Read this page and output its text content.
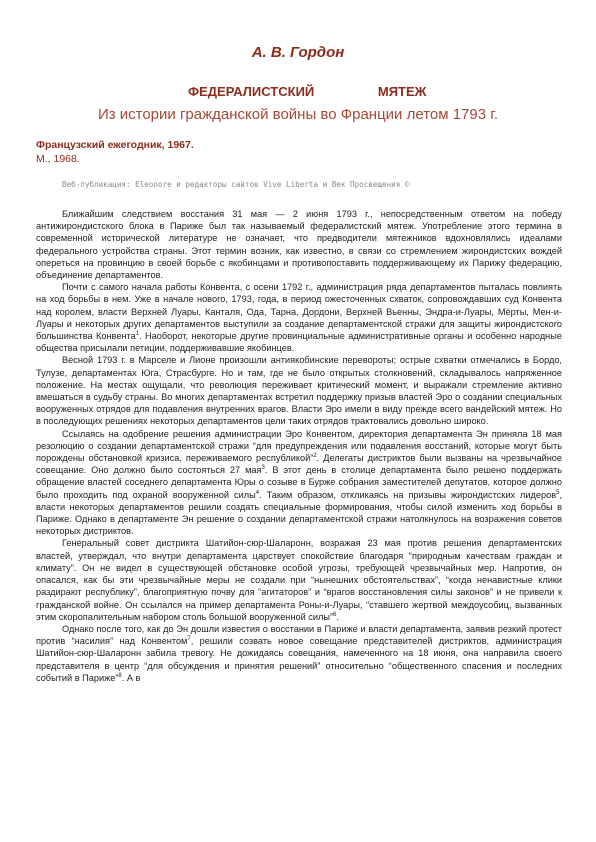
А. В. Гордон
ФЕДЕРАЛИСТСКИЙ МЯТЕЖ
Из истории гражданской войны во Франции летом 1793 г.
Французский ежегодник, 1967.
М., 1968.
Веб-публикация: Eleonore и редакторы сайтов Vive Liberta и Век Просвещения ©

Ближайшим следствием восстания 31 мая — 2 июня 1793 г., непосредственным ответом на победу антижирондистского блока в Париже был так называемый федералистский мятеж. Употребление этого термина в современной исторической литературе не означает, что предводители мятежников вдохновлялись идеалами федерального устройства страны. Этот термин возник, как известно, в связи со стремлением жирондистских вождей опереться на провинцию в своей борьбе с якобинцами и противопоставить поддерживающему их Парижу федерацию, объединение департаментов.

Почти с самого начала работы Конвента, с осени 1792 г., администрация ряда департаментов пыталась повлиять на ход борьбы в нем. Уже в начале нового, 1793, года, в период ожесточенных схваток, сопровождавших суд Конвента над королем, власти Верхней Луары, Канталя, Ода, Тарна, Дордони, Верхней Вьенны, Эндра-и-Луары, Мёрты, Мен-и-Луары и некоторых других департаментов выступили за создание департаментской стражи для защиты жирондистского большинства Конвента$^1$. Наоборот, некоторые другие провинциальные административные органы и особенно народные общества присылали петиции, поддерживавшие якобинцев.

Весной 1793 г. в Марселе и Лионе произошли антиякобинские перевороты; острые схватки отмечались в Бордо, Тулузе, департаментах Юга, Страсбурге. Но и там, где не было открытых столкновений, складывалось напряженное положение. На местах ощущали, что революция переживает критический момент, и выражали стремление активно вмешаться в судьбу страны. Во многих департаментах встретил поддержку призыв властей Эро о создании специальных вооруженных отрядов для подавления внутренних врагов. Власти Эро имели в виду прежде всего вандейский мятеж. Но в последующих решениях некоторых департаментов цели таких отрядов трактовались довольно широко.

Ссылаясь на одобрение решения администрации Эро Конвентом, директория департамента Эн приняла 18 мая резолюцию о создании департаментской стражи “для предупреждения или подавления восстаний, которые могут быть порождены обстановкой кризиса, переживаемого республикой”$^2$. Делегаты дистриктов были вызваны на чрезвычайное совещание. Оно должно было состояться 27 мая$^3$. В этот день в столице департамента было решено поддержать обращение властей соседнего департамента Юры о созыве в Бурже собрания заместителей депутатов, которое должно было проходить под охраной вооруженной силы$^4$. Таким образом, откликаясь на призывы жирондистских лидеров$^5$, власти некоторых департаментов решили создать специальные формирования, чтобы силой изменить ход борьбы в Париже. Однако в департаменте Эн решение о создании департаментской стражи натолкнулось на возражения советов некоторых дистриктов.

Генеральный совет дистрикта Шатийон-сюр-Шаларонн, возражая 23 мая против решения департаментских властей, утверждал, что внутри департамента царствует спокойствие благодаря “природным качествам граждан и климату”. Он не видел в существующей обстановке особой угрозы, требующей чрезвычайных мер. Напротив, он опасался, как бы эти чрезвычайные меры не создали при “нынешних обстоятельствах”, “когда ненавистные клики раздирают республику”, благоприятную почву для “агитаторов” и “врагов восстановления силы законов” и не привели к гражданской войне. Он ссылался на пример департамента Роны-и-Луары, “ставшего жертвой междоусобиц, вызванных этим скоропалительным набором столь большой вооруженной силы”$^6$.

Однако после того, как до Эн дошли известия о восстании в Париже и власти департамента, заявив резкий протест против “насилия” над Конвентом$^7$, решили созвать новое совещание представителей дистриктов, администрация Шатийон-сюр-Шаларонн забила тревогу. Не дожидаясь совещания, намеченного на 18 июня, она направила своего представителя в центр “для обсуждения и принятия решений” относительно “общественного спасения и последних событий в Париже”$^8$. А в
